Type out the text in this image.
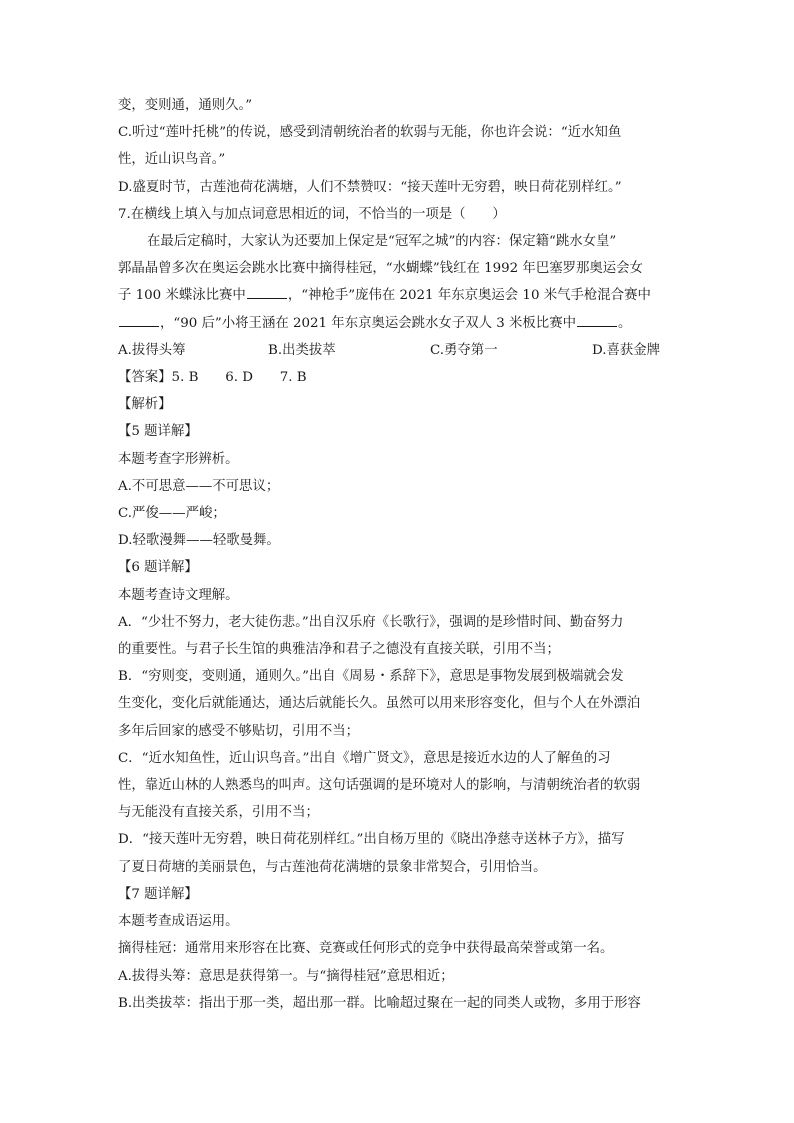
变，变则通，通则久。”
C.听过“莲叶托桃”的传说，感受到清朝统治者的软弱与无能，你也许会说：“近水知鱼
性，近山识鸟音。”
D.盛夏时节，古莲池荷花满塘，人们不禁赞叹：“接天莲叶无穷碧，映日荷花别样红。”
7.在横线上填入与加点词意思相近的词，不恰当的一项是（　　）
在最后定稿时，大家认为还要加上保定是“冠军之城”的内容：保定籍“跳水女皇”
郭晶晶曾多次在奥运会跳水比赛中摘得桂冠，“水蝴蝶”钱红在 1992 年巴塞罗那奥运会女
子 100 米蝶泳比赛中	，“神枪手”庞伟在 2021 年东京奥运会 10 米气手枪混合赛中
，“90 后”小将王涵在 2021 年东京奥运会跳水女子双人 3 米板比赛中	。
A.拔得头筹	B.出类拔萃	C.勇夺第一	D.喜获金牌
【答案】5. B　　6. D　　7. B
【解析】
【5 题详解】
本题考查字形辨析。
A.不可思意——不可思议；
C.严俊——严峻；
D.轻歌漫舞——轻歌曼舞。
【6 题详解】
本题考查诗文理解。
A．“少壮不努力，老大徒伤悲。”出自汉乐府《长歌行》，强调的是珍惜时间、勤奋努力
的重要性。与君子长生馆的典雅洁净和君子之德没有直接关联，引用不当；
B．“穷则变，变则通，通则久。”出自《周易・系辞下》，意思是事物发展到极端就会发
生变化，变化后就能通达，通达后就能长久。虽然可以用来形容变化，但与个人在外漂泊
多年后回家的感受不够贴切，引用不当；
C．“近水知鱼性，近山识鸟音。”出自《增广贤文》，意思是接近水边的人了解鱼的习
性，靠近山林的人熟悉鸟的叫声。这句话强调的是环境对人的影响，与清朝统治者的软弱
与无能没有直接关系，引用不当；
D．“接天莲叶无穷碧，映日荷花别样红。”出自杨万里的《晓出净慈寺送林子方》，描写
了夏日荷塘的美丽景色，与古莲池荷花满塘的景象非常契合，引用恰当。
【7 题详解】
本题考查成语运用。
摘得桂冠：通常用来形容在比赛、竞赛或任何形式的竞争中获得最高荣誉或第一名。
A.拔得头筹：意思是获得第一。与“摘得桂冠”意思相近；
B.出类拔萃：指出于那一类，超出那一群。比喻超过聚在一起的同类人或物，多用于形容
